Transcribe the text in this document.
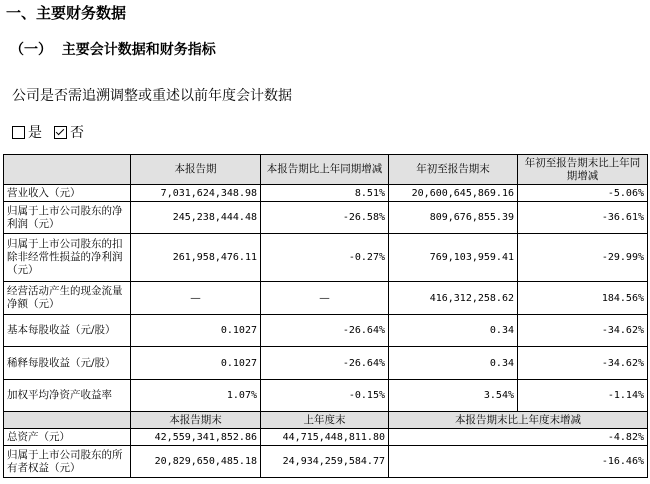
一、主要财务数据
（一）  主要会计数据和财务指标
公司是否需追溯调整或重述以前年度会计数据
是 否
	本报告期	本报告期比上年同期增减	年初至报告期末	年初至报告期末比上年同期增减
营业收入（元）	7,031,624,348.98	8.51%	20,600,645,869.16	-5.06%
归属于上市公司股东的净利润（元）	245,238,444.48	-26.58%	809,676,855.39	-36.61%
归属于上市公司股东的扣除非经常性损益的净利润（元）	261,958,476.11	-0.27%	769,103,959.41	-29.99%
经营活动产生的现金流量净额（元）	—	—	416,312,258.62	184.56%
基本每股收益（元/股）	0.1027	-26.64%	0.34	-34.62%
稀释每股收益（元/股）	0.1027	-26.64%	0.34	-34.62%
加权平均净资产收益率	1.07%	-0.15%	3.54%	-1.14%
	本报告期末	上年度末	本报告期末比上年度末增减	
总资产（元）	42,559,341,852.86	44,715,448,811.80	-4.82%	
归属于上市公司股东的所有者权益（元）	20,829,650,485.18	24,934,259,584.77	-16.46%	
